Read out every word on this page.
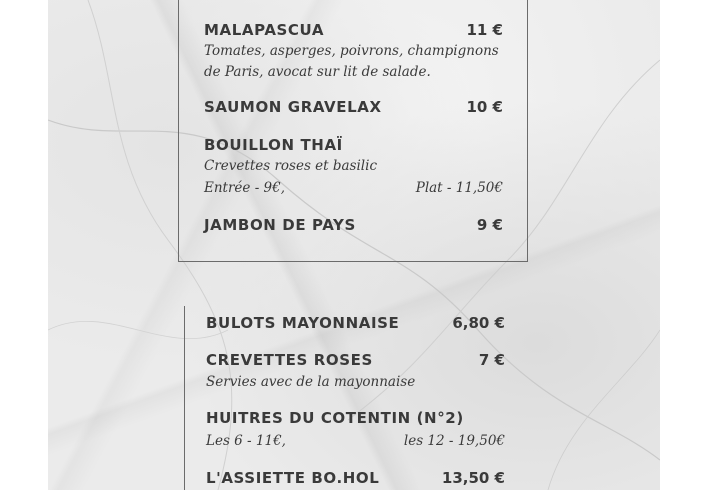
MALAPASCUA	11 €
Tomates, asperges, poivrons, champignons
de Paris, avocat sur lit de salade.
SAUMON GRAVELAX	10 €
BOUILLON THAÏ
Crevettes roses et basilic
Entrée - 9€,	Plat - 11,50€
JAMBON DE PAYS	9 €
BULOTS MAYONNAISE	6,80 €
CREVETTES ROSES	7 €
Servies avec de la mayonnaise
HUITRES DU COTENTIN (N°2)
Les 6 - 11€,	les 12 - 19,50€
L'ASSIETTE BO.HOL	13,50 €
